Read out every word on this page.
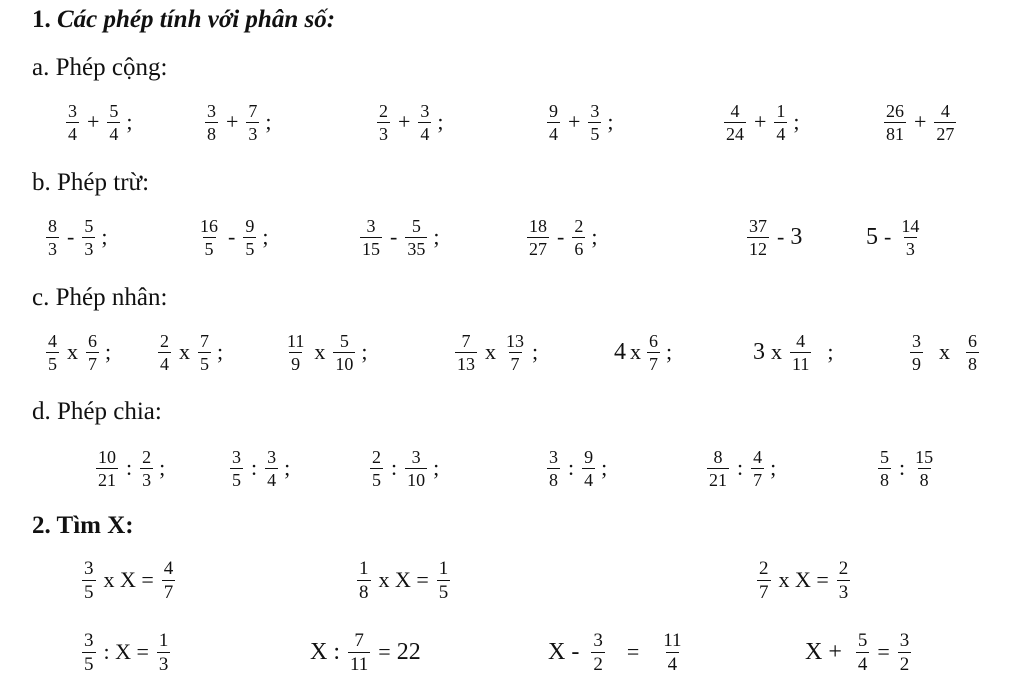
1. Các phép tính với phân số:
a. Phép cộng:
$\frac{3}{4} + \frac{5}{4}$ ;	$\frac{3}{8} + \frac{7}{3}$ ;	$\frac{2}{3} + \frac{3}{4}$ ;	$\frac{9}{4} + \frac{3}{5}$ ;	$\frac{4}{24} + \frac{1}{4}$ ;	$\frac{26}{81} + \frac{4}{27}$
b. Phép trừ:
$\frac{8}{3} - \frac{5}{3}$ ;	$\frac{16}{5} - \frac{9}{5}$ ;	$\frac{3}{15} - \frac{5}{35}$ ;	$\frac{18}{27} - \frac{2}{6}$ ;	$\frac{37}{12} - 3$	$5 - \frac{14}{3}$
c. Phép nhân:
$\frac{4}{5}$ x $\frac{6}{7}$ ;	$\frac{2}{4}$ x $\frac{7}{5}$ ;	$\frac{11}{9}$ x $\frac{5}{10}$ ;	$\frac{7}{13}$ x $\frac{13}{7}$ ;	4 x $\frac{6}{7}$ ;	3 x $\frac{4}{11}$ ;	$\frac{3}{9}$ x $\frac{6}{8}$
d. Phép chia:
$\frac{10}{21}$ : $\frac{2}{3}$ ;	$\frac{3}{5}$ : $\frac{3}{4}$ ;	$\frac{2}{5}$ : $\frac{3}{10}$ ;	$\frac{3}{8}$ : $\frac{9}{4}$ ;	$\frac{8}{21}$ : $\frac{4}{7}$ ;	$\frac{5}{8}$ : $\frac{15}{8}$
2. Tìm X:
$\frac{3}{5}$ x $X = \frac{4}{7}$	$\frac{1}{8}$ x $X = \frac{1}{5}$	$\frac{2}{7}$ x $X = \frac{2}{3}$
$\frac{3}{5}$ : $X = \frac{1}{3}$	X : $\frac{7}{11} = 22$	$X - \frac{3}{2} = \frac{11}{4}$	$X + \frac{5}{4} = \frac{3}{2}$
